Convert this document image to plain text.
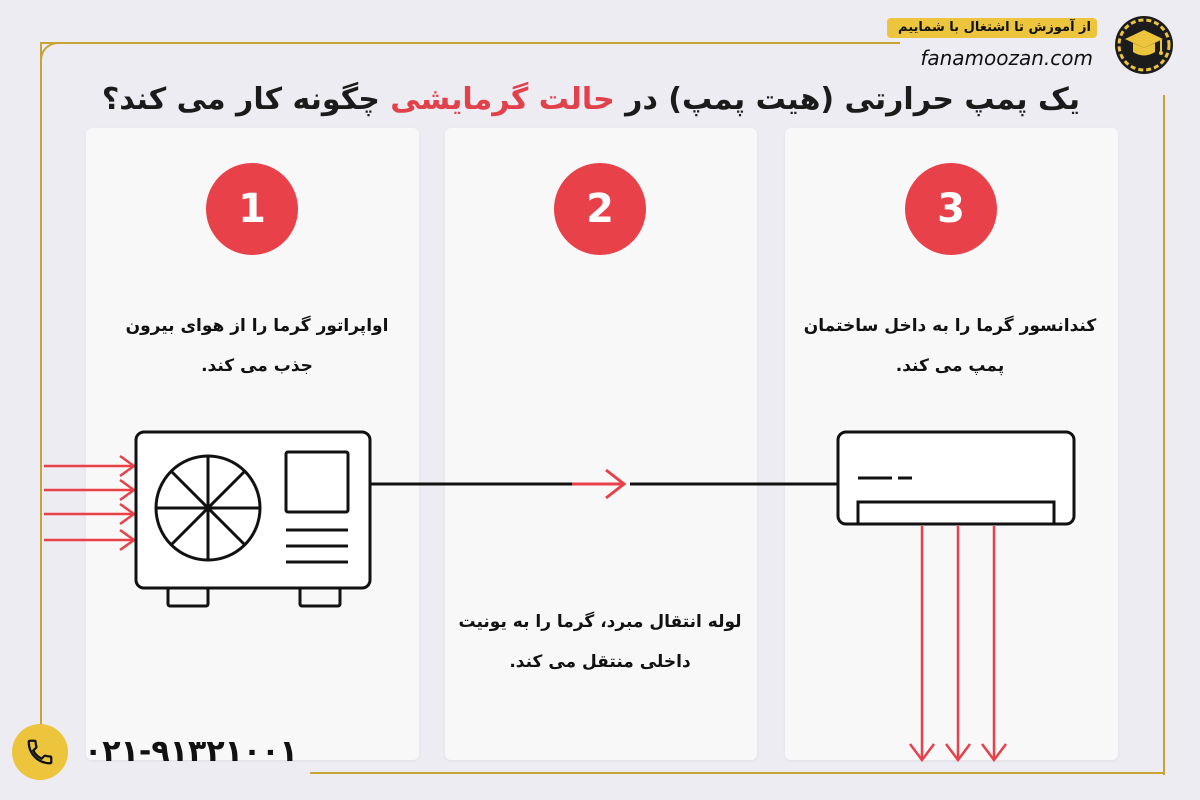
از آموزش تا اشتغال با شماییم
fanamoozan.com
یک پمپ حرارتی (هیت پمپ) در حالت گرمایشی چگونه کار می کند؟
1	2	3
اواپراتور گرما را از هوای بیرون جذب می کند.
لوله انتقال مبرد، گرما را به یونیت داخلی منتقل می کند.
کندانسور گرما را به داخل ساختمان پمپ می کند.
۰۲۱-۹۱۳۲۱۰۰۱
